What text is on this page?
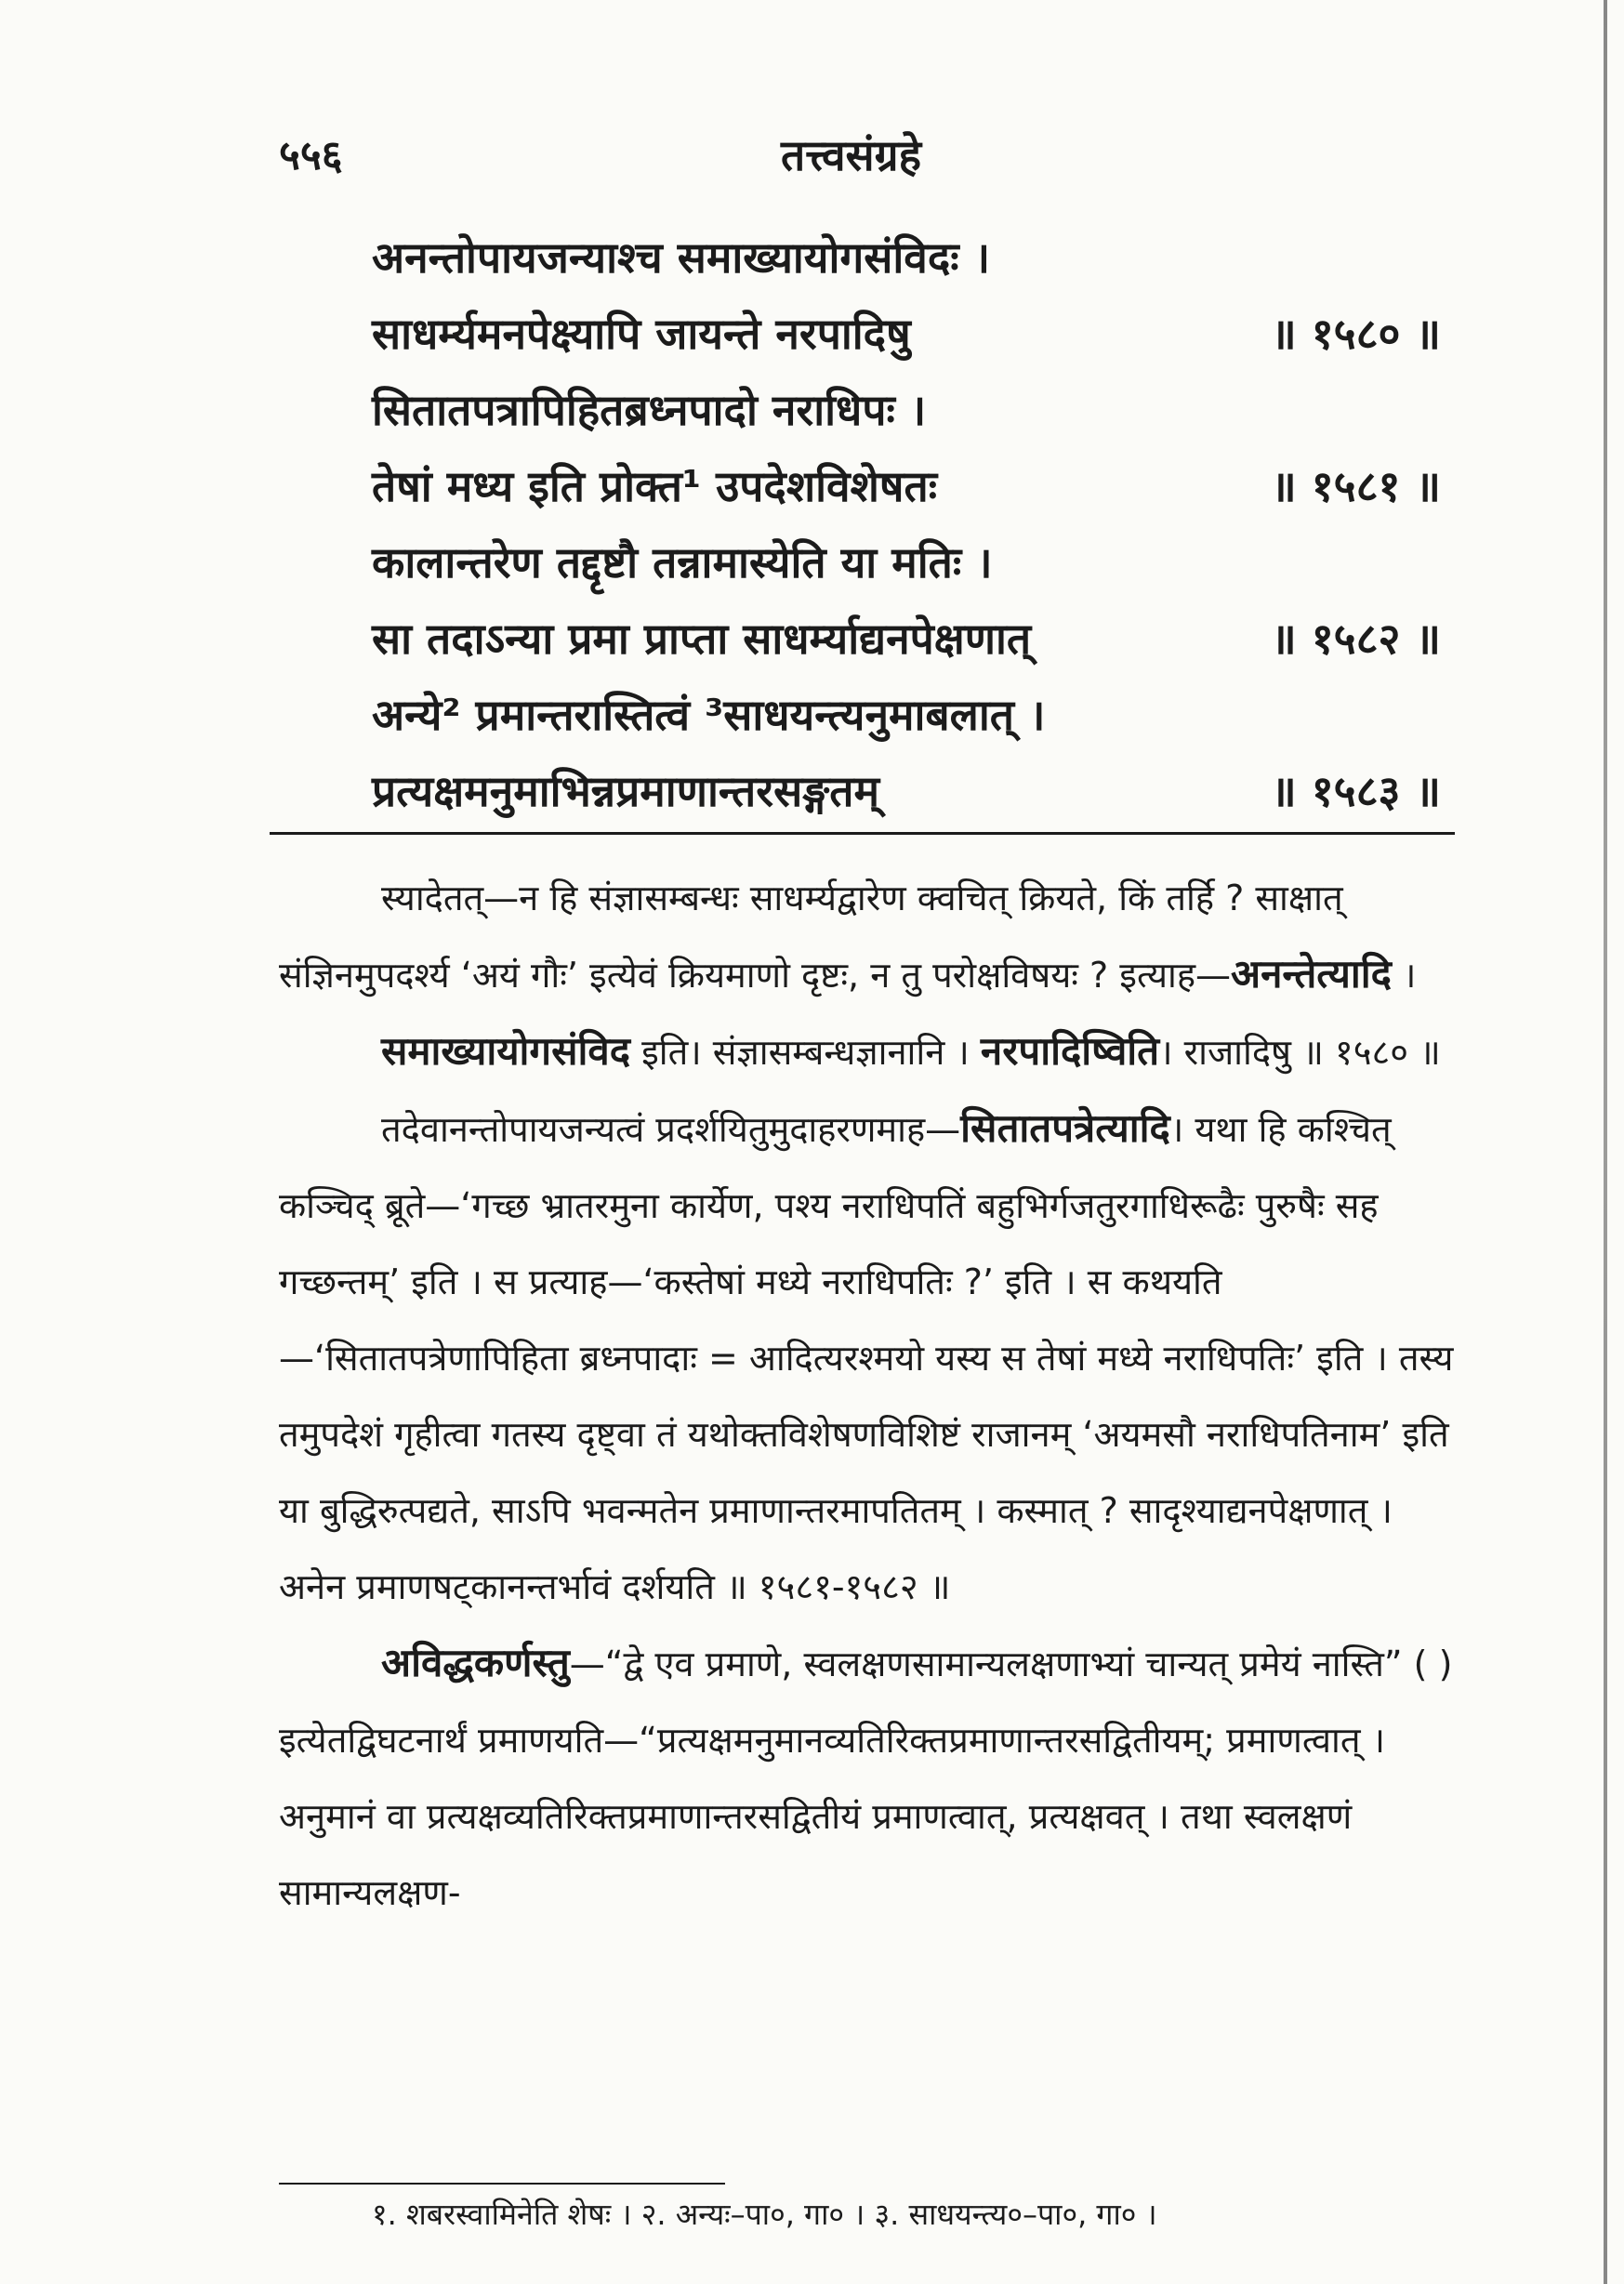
५५६	तत्त्वसंग्रहे
अनन्तोपायजन्याश्च समाख्यायोगसंविदः ।
साधर्म्यमनपेक्ष्यापि जायन्ते नरपादिषु	॥ १५८० ॥
सितातपत्रापिहितब्रध्नपादो नराधिपः ।
तेषां मध्य इति प्रोक्त¹ उपदेशविशेषतः	॥ १५८१ ॥
कालान्तरेण तद्दृष्टौ तन्नामास्येति या मतिः ।
सा तदाऽन्या प्रमा प्राप्ता साधर्म्याद्यनपेक्षणात्	॥ १५८२ ॥
अन्ये² प्रमान्तरास्तित्वं ³साधयन्त्यनुमाबलात् ।
प्रत्यक्षमनुमाभिन्नप्रमाणान्तरसङ्गतम्	॥ १५८३ ॥

स्यादेतत्—न हि संज्ञासम्बन्धः साधर्म्यद्वारेण क्वचित् क्रियते, किं तर्हि ? साक्षात् संज्ञिनमुपदर्श्य ‘अयं गौः’ इत्येवं क्रियमाणो दृष्टः, न तु परोक्षविषयः ? इत्याह—अनन्तेत्यादि ।

समाख्यायोगसंविद इति। संज्ञासम्बन्धज्ञानानि । नरपादिष्विति। राजादिषु ॥ १५८० ॥

तदेवानन्तोपायजन्यत्वं प्रदर्शयितुमुदाहरणमाह—सितातपत्रेत्यादि। यथा हि कश्चित् कञ्चिद् ब्रूते—‘गच्छ भ्रातरमुना कार्येण, पश्य नराधिपतिं बहुभिर्गजतुरगाधिरूढैः पुरुषैः सह गच्छन्तम्’ इति । स प्रत्याह—‘कस्तेषां मध्ये नराधिपतिः ?’ इति । स कथयति—‘सितातपत्रेणापिहिता ब्रध्नपादाः = आदित्यरश्मयो यस्य स तेषां मध्ये नराधिपतिः’ इति । तस्य तमुपदेशं गृहीत्वा गतस्य दृष्ट्वा तं यथोक्तविशेषणविशिष्टं राजानम् ‘अयमसौ नराधिपतिनाम’ इति या बुद्धिरुत्पद्यते, साऽपि भवन्मतेन प्रमाणान्तरमापतितम् । कस्मात् ? सादृश्याद्यनपेक्षणात् । अनेन प्रमाणषट्कानन्तर्भावं दर्शयति ॥ १५८१-१५८२ ॥

अविद्धकर्णस्तु—“द्वे एव प्रमाणे, स्वलक्षणसामान्यलक्षणाभ्यां चान्यत् प्रमेयं नास्ति” ( ) इत्येतद्विघटनार्थं प्रमाणयति—“प्रत्यक्षमनुमानव्यतिरिक्तप्रमाणान्तरसद्वितीयम्; प्रमाणत्वात् । अनुमानं वा प्रत्यक्षव्यतिरिक्तप्रमाणान्तरसद्वितीयं प्रमाणत्वात्, प्रत्यक्षवत् । तथा स्वलक्षणं सामान्यलक्षण-

१. शबरस्वामिनेति शेषः । २. अन्यः–पा०, गा० । ३. साधयन्त्य०–पा०, गा० ।
